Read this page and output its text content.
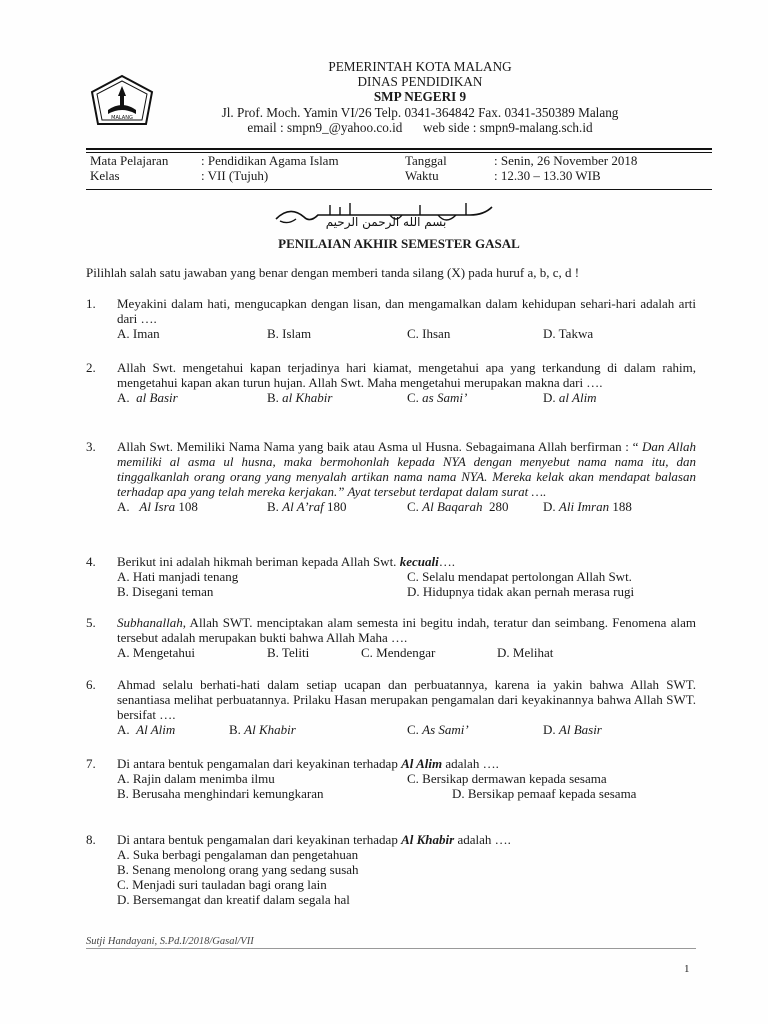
MALANG
PEMERINTAH KOTA MALANG
DINAS PENDIDIKAN
SMP NEGERI 9
Jl. Prof. Moch. Yamin VI/26 Telp. 0341-364842 Fax. 0341-350389 Malang
email : smpn9_@yahoo.co.id web side : smpn9-malang.sch.id
Mata Pelajaran	: Pendidikan Agama Islam	Tanggal	: Senin, 26 November 2018
Kelas	: VII (Tujuh)	Waktu	: 12.30 – 13.30 WIB
بسم الله الرحمن الرحيم
PENILAIAN AKHIR SEMESTER GASAL
Pilihlah salah satu jawaban yang benar dengan memberi tanda silang (X) pada huruf a, b, c, d !
1. Meyakini dalam hati, mengucapkan dengan lisan, dan mengamalkan dalam kehidupan sehari-hari adalah arti dari ….
A. Iman	B. Islam	C. Ihsan	D. Takwa
2. Allah Swt. mengetahui kapan terjadinya hari kiamat, mengetahui apa yang terkandung di dalam rahim, mengetahui kapan akan turun hujan. Allah Swt. Maha mengetahui merupakan makna dari ….
A. al Basir	B. al Khabir	C. as Sami’	D. al Alim
3. Allah Swt. Memiliki Nama Nama yang baik atau Asma ul Husna. Sebagaimana Allah berfirman : “ Dan Allah memiliki al asma ul husna, maka bermohonlah kepada NYA dengan menyebut nama nama itu, dan tinggalkanlah orang orang yang menyalah artikan nama nama NYA. Mereka kelak akan mendapat balasan terhadap apa yang telah mereka kerjakan.” Ayat tersebut terdapat dalam surat ….
A. Al Isra 108	B. Al A’raf 180	C. Al Baqarah 280	D. Ali Imran 188
4. Berikut ini adalah hikmah beriman kepada Allah Swt. kecuali….
A. Hati manjadi tenang	C. Selalu mendapat pertolongan Allah Swt.
B. Disegani teman	D. Hidupnya tidak akan pernah merasa rugi
5. Subhanallah, Allah SWT. menciptakan alam semesta ini begitu indah, teratur dan seimbang. Fenomena alam tersebut adalah merupakan bukti bahwa Allah Maha ….
A. Mengetahui	B. Teliti	C. Mendengar	D. Melihat
6. Ahmad selalu berhati-hati dalam setiap ucapan dan perbuatannya, karena ia yakin bahwa Allah SWT. senantiasa melihat perbuatannya. Prilaku Hasan merupakan pengamalan dari keyakinannya bahwa Allah SWT. bersifat ….
A. Al Alim	B. Al Khabir	C. As Sami’	D. Al Basir
7. Di antara bentuk pengamalan dari keyakinan terhadap Al Alim adalah ….
A. Rajin dalam menimba ilmu	C. Bersikap dermawan kepada sesama
B. Berusaha menghindari kemungkaran	D. Bersikap pemaaf kepada sesama
8. Di antara bentuk pengamalan dari keyakinan terhadap Al Khabir adalah ….
A. Suka berbagi pengalaman dan pengetahuan
B. Senang menolong orang yang sedang susah
C. Menjadi suri tauladan bagi orang lain
D. Bersemangat dan kreatif dalam segala hal
Sutji Handayani, S.Pd.I/2018/Gasal/VII
1
